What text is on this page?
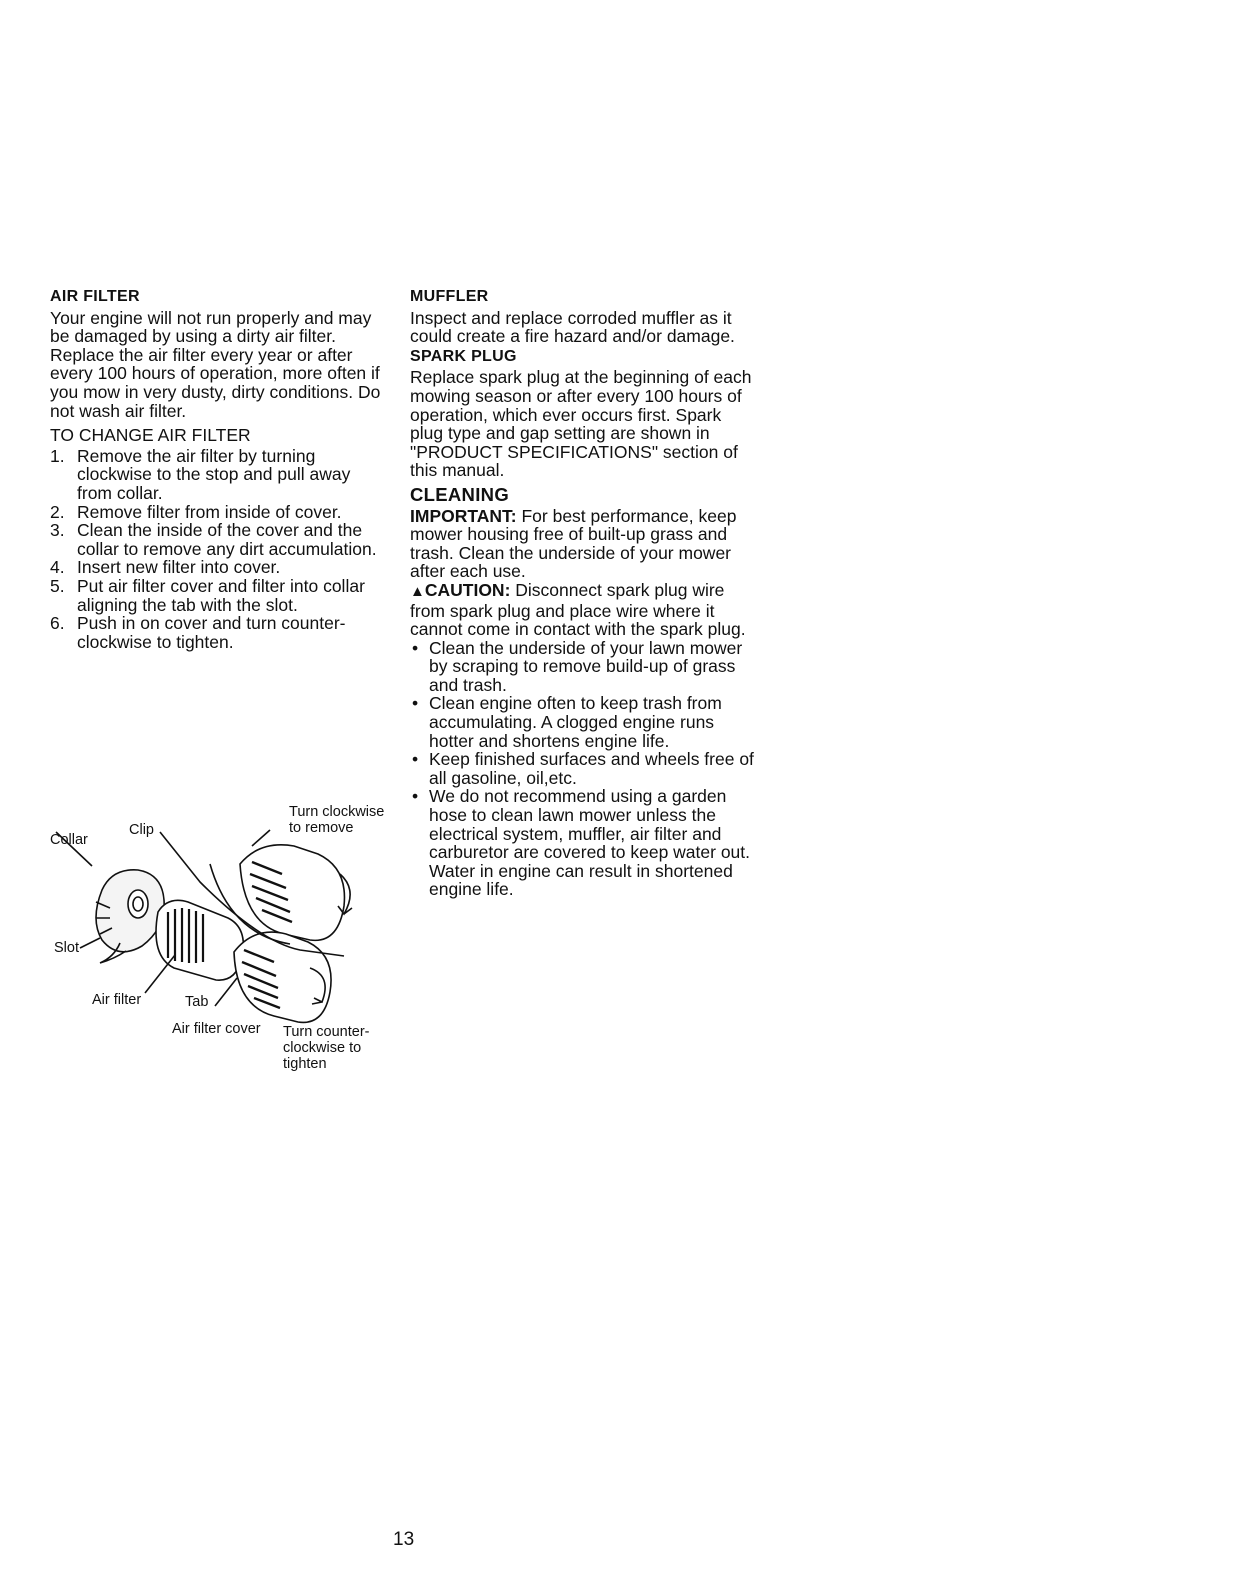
AIR FILTER

Your engine will not run properly and may be damaged by using a dirty air filter. Replace the air filter every year or after every 100 hours of operation, more often if you mow in very dusty, dirty conditions. Do not wash air filter.

TO CHANGE AIR FILTER

1. Remove the air filter by turning clockwise to the stop and pull away from collar.
2. Remove filter from inside of cover.
3. Clean the inside of the cover and the collar to remove any dirt accumulation.
4. Insert new filter into cover.
5. Put air filter cover and filter into collar aligning the tab with the slot.
6. Push in on cover and turn counter-clockwise to tighten.
Collar
Clip
Slot
Air filter	Tab
Air filter cover
Turn clockwise to remove
Turn counter-clockwise to tighten
MUFFLER

Inspect and replace corroded muffler as it could create a fire hazard and/or damage.

SPARK PLUG

Replace spark plug at the beginning of each mowing season or after every 100 hours of operation, which ever occurs first. Spark plug type and gap setting are shown in "PRODUCT SPECIFICATIONS" section of this manual.

CLEANING

IMPORTANT: For best performance, keep mower housing free of built-up grass and trash. Clean the underside of your mower after each use.

▲CAUTION: Disconnect spark plug wire from spark plug and place wire where it cannot come in contact with the spark plug.

• Clean the underside of your lawn mower by scraping to remove build-up of grass and trash.
• Clean engine often to keep trash from accumulating. A clogged engine runs hotter and shortens engine life.
• Keep finished surfaces and wheels free of all gasoline, oil,etc.
• We do not recommend using a garden hose to clean lawn mower unless the electrical system, muffler, air filter and carburetor are covered to keep water out. Water in engine can result in shortened engine life.
13
